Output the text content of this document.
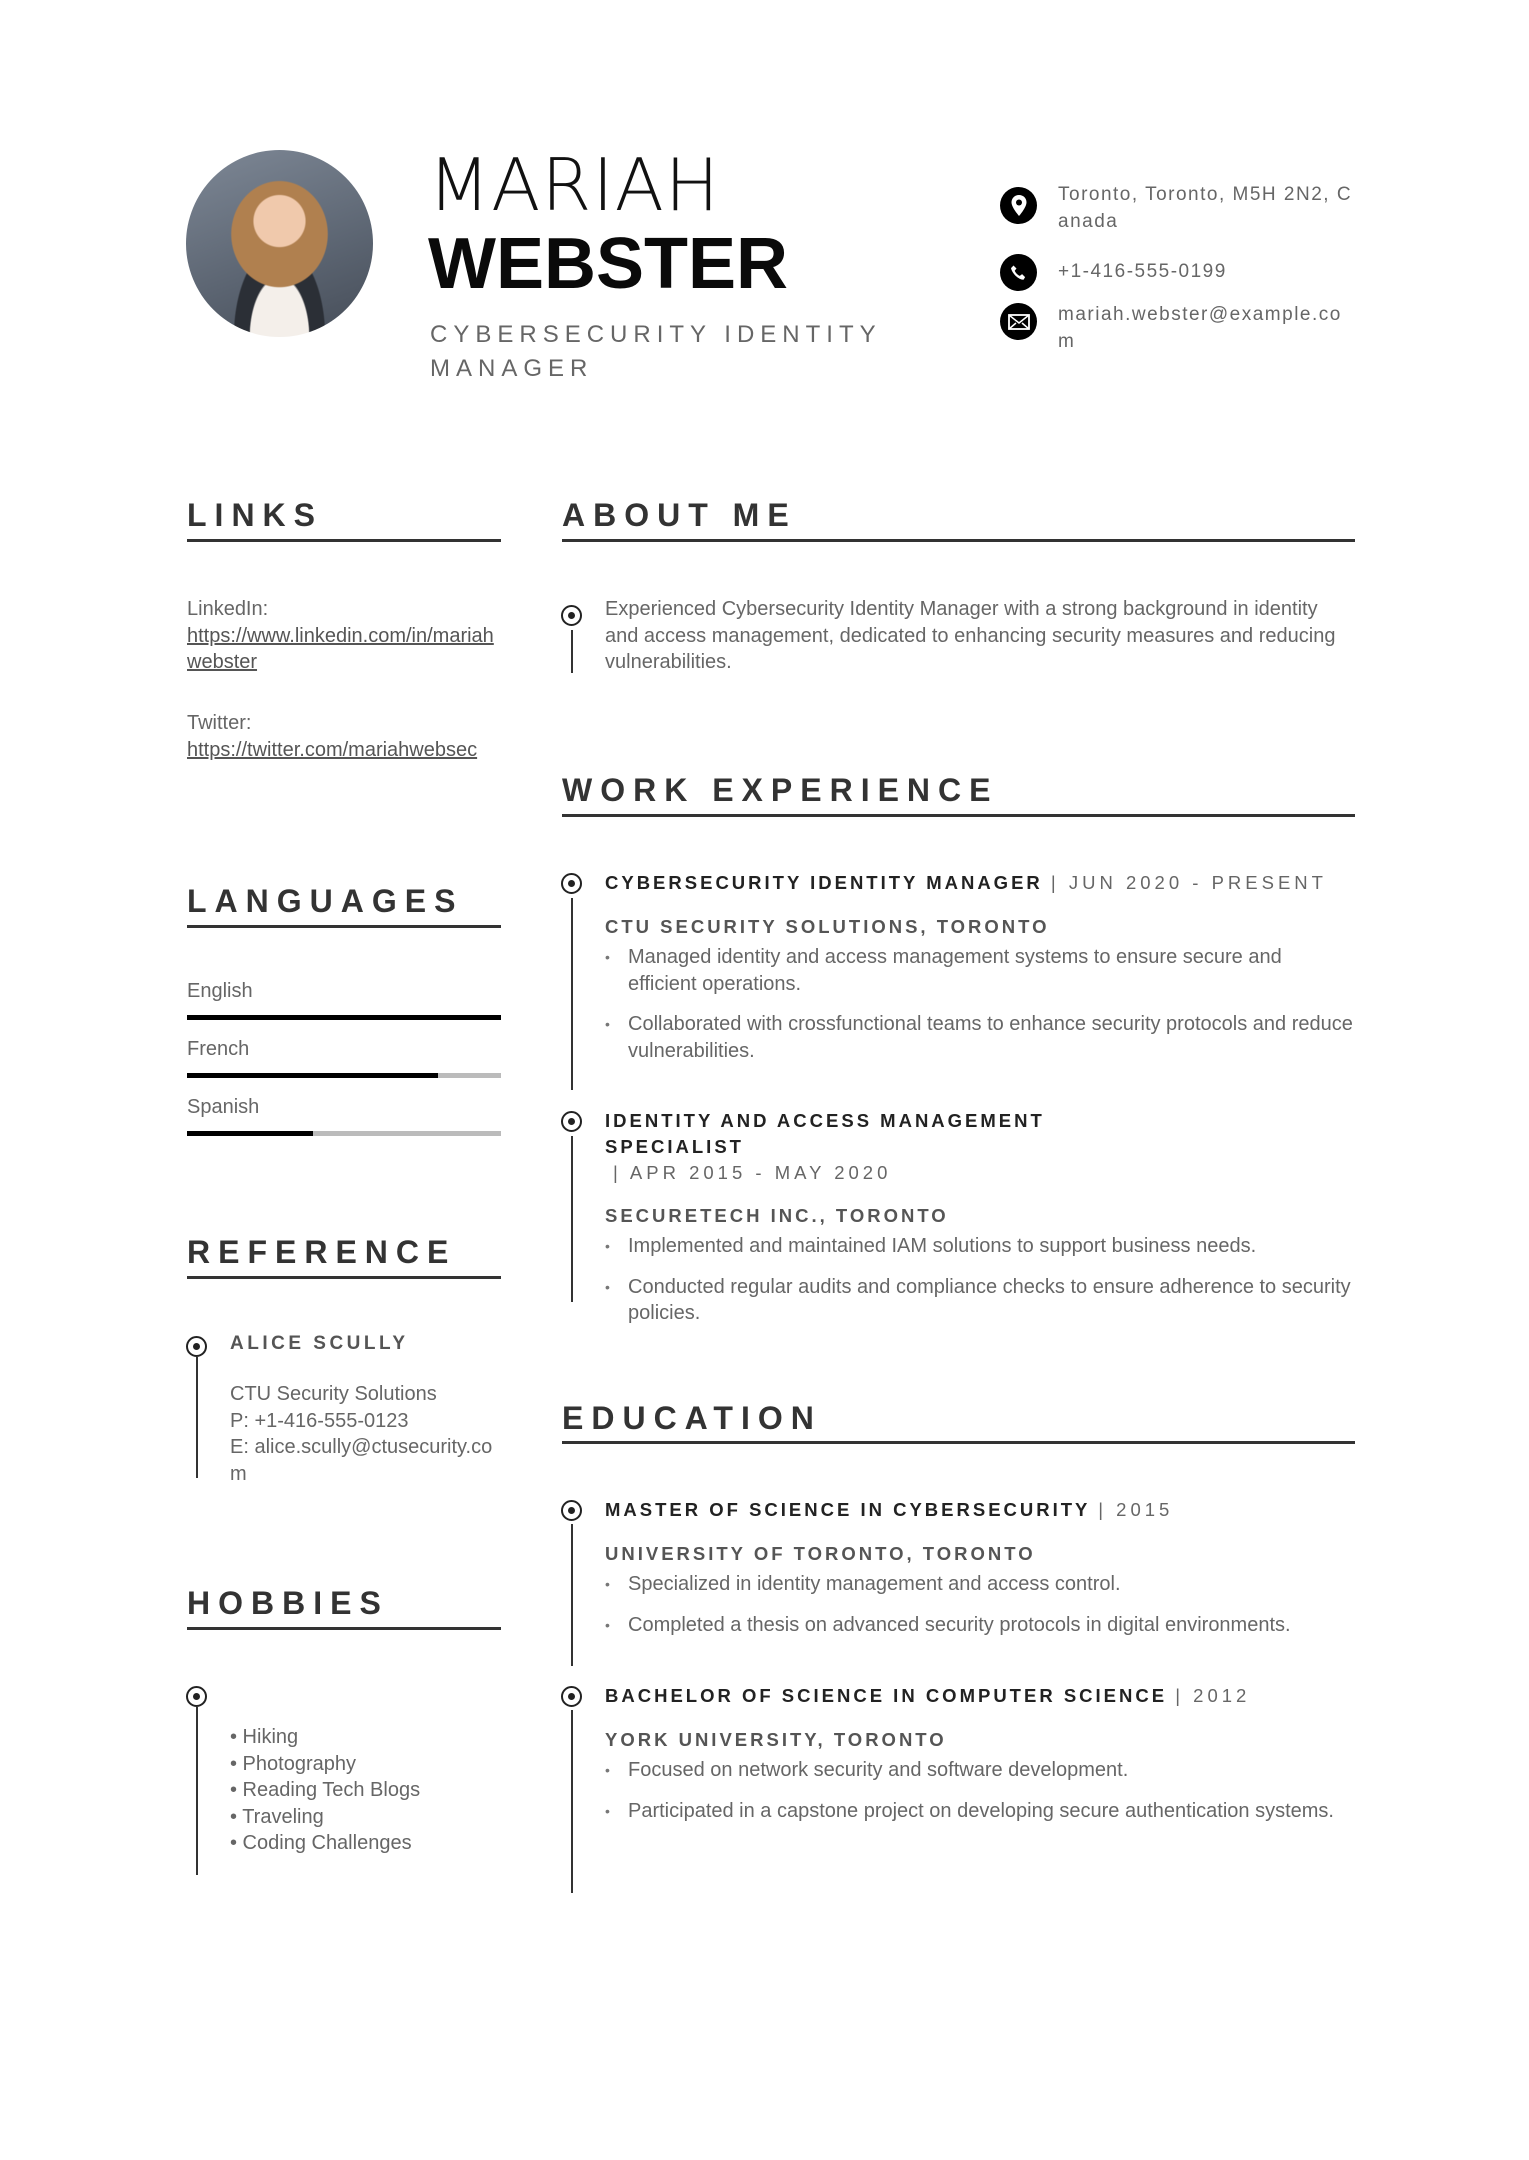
MARIAH
WEBSTER
CYBERSECURITY IDENTITY MANAGER
Toronto, Toronto, M5H 2N2, Canada
+1-416-555-0199
mariah.webster@example.com
LINKS
LinkedIn:
https://www.linkedin.com/in/mariahwebster
Twitter:
https://twitter.com/mariahwebsec
LANGUAGES
English
French
Spanish
REFERENCE
ALICE SCULLY
CTU Security Solutions
P: +1-416-555-0123
E: alice.scully@ctusecurity.com
HOBBIES
• Hiking
• Photography
• Reading Tech Blogs
• Traveling
• Coding Challenges
ABOUT ME
Experienced Cybersecurity Identity Manager with a strong background in identity and access management, dedicated to enhancing security measures and reducing vulnerabilities.
WORK EXPERIENCE
CYBERSECURITY IDENTITY MANAGER | JUN 2020 - PRESENT
CTU SECURITY SOLUTIONS, TORONTO
• Managed identity and access management systems to ensure secure and efficient operations.
• Collaborated with crossfunctional teams to enhance security protocols and reduce vulnerabilities.
IDENTITY AND ACCESS MANAGEMENT SPECIALIST
| APR 2015 - MAY 2020
SECURETECH INC., TORONTO
• Implemented and maintained IAM solutions to support business needs.
• Conducted regular audits and compliance checks to ensure adherence to security policies.
EDUCATION
MASTER OF SCIENCE IN CYBERSECURITY | 2015
UNIVERSITY OF TORONTO, TORONTO
• Specialized in identity management and access control.
• Completed a thesis on advanced security protocols in digital environments.
BACHELOR OF SCIENCE IN COMPUTER SCIENCE | 2012
YORK UNIVERSITY, TORONTO
• Focused on network security and software development.
• Participated in a capstone project on developing secure authentication systems.
